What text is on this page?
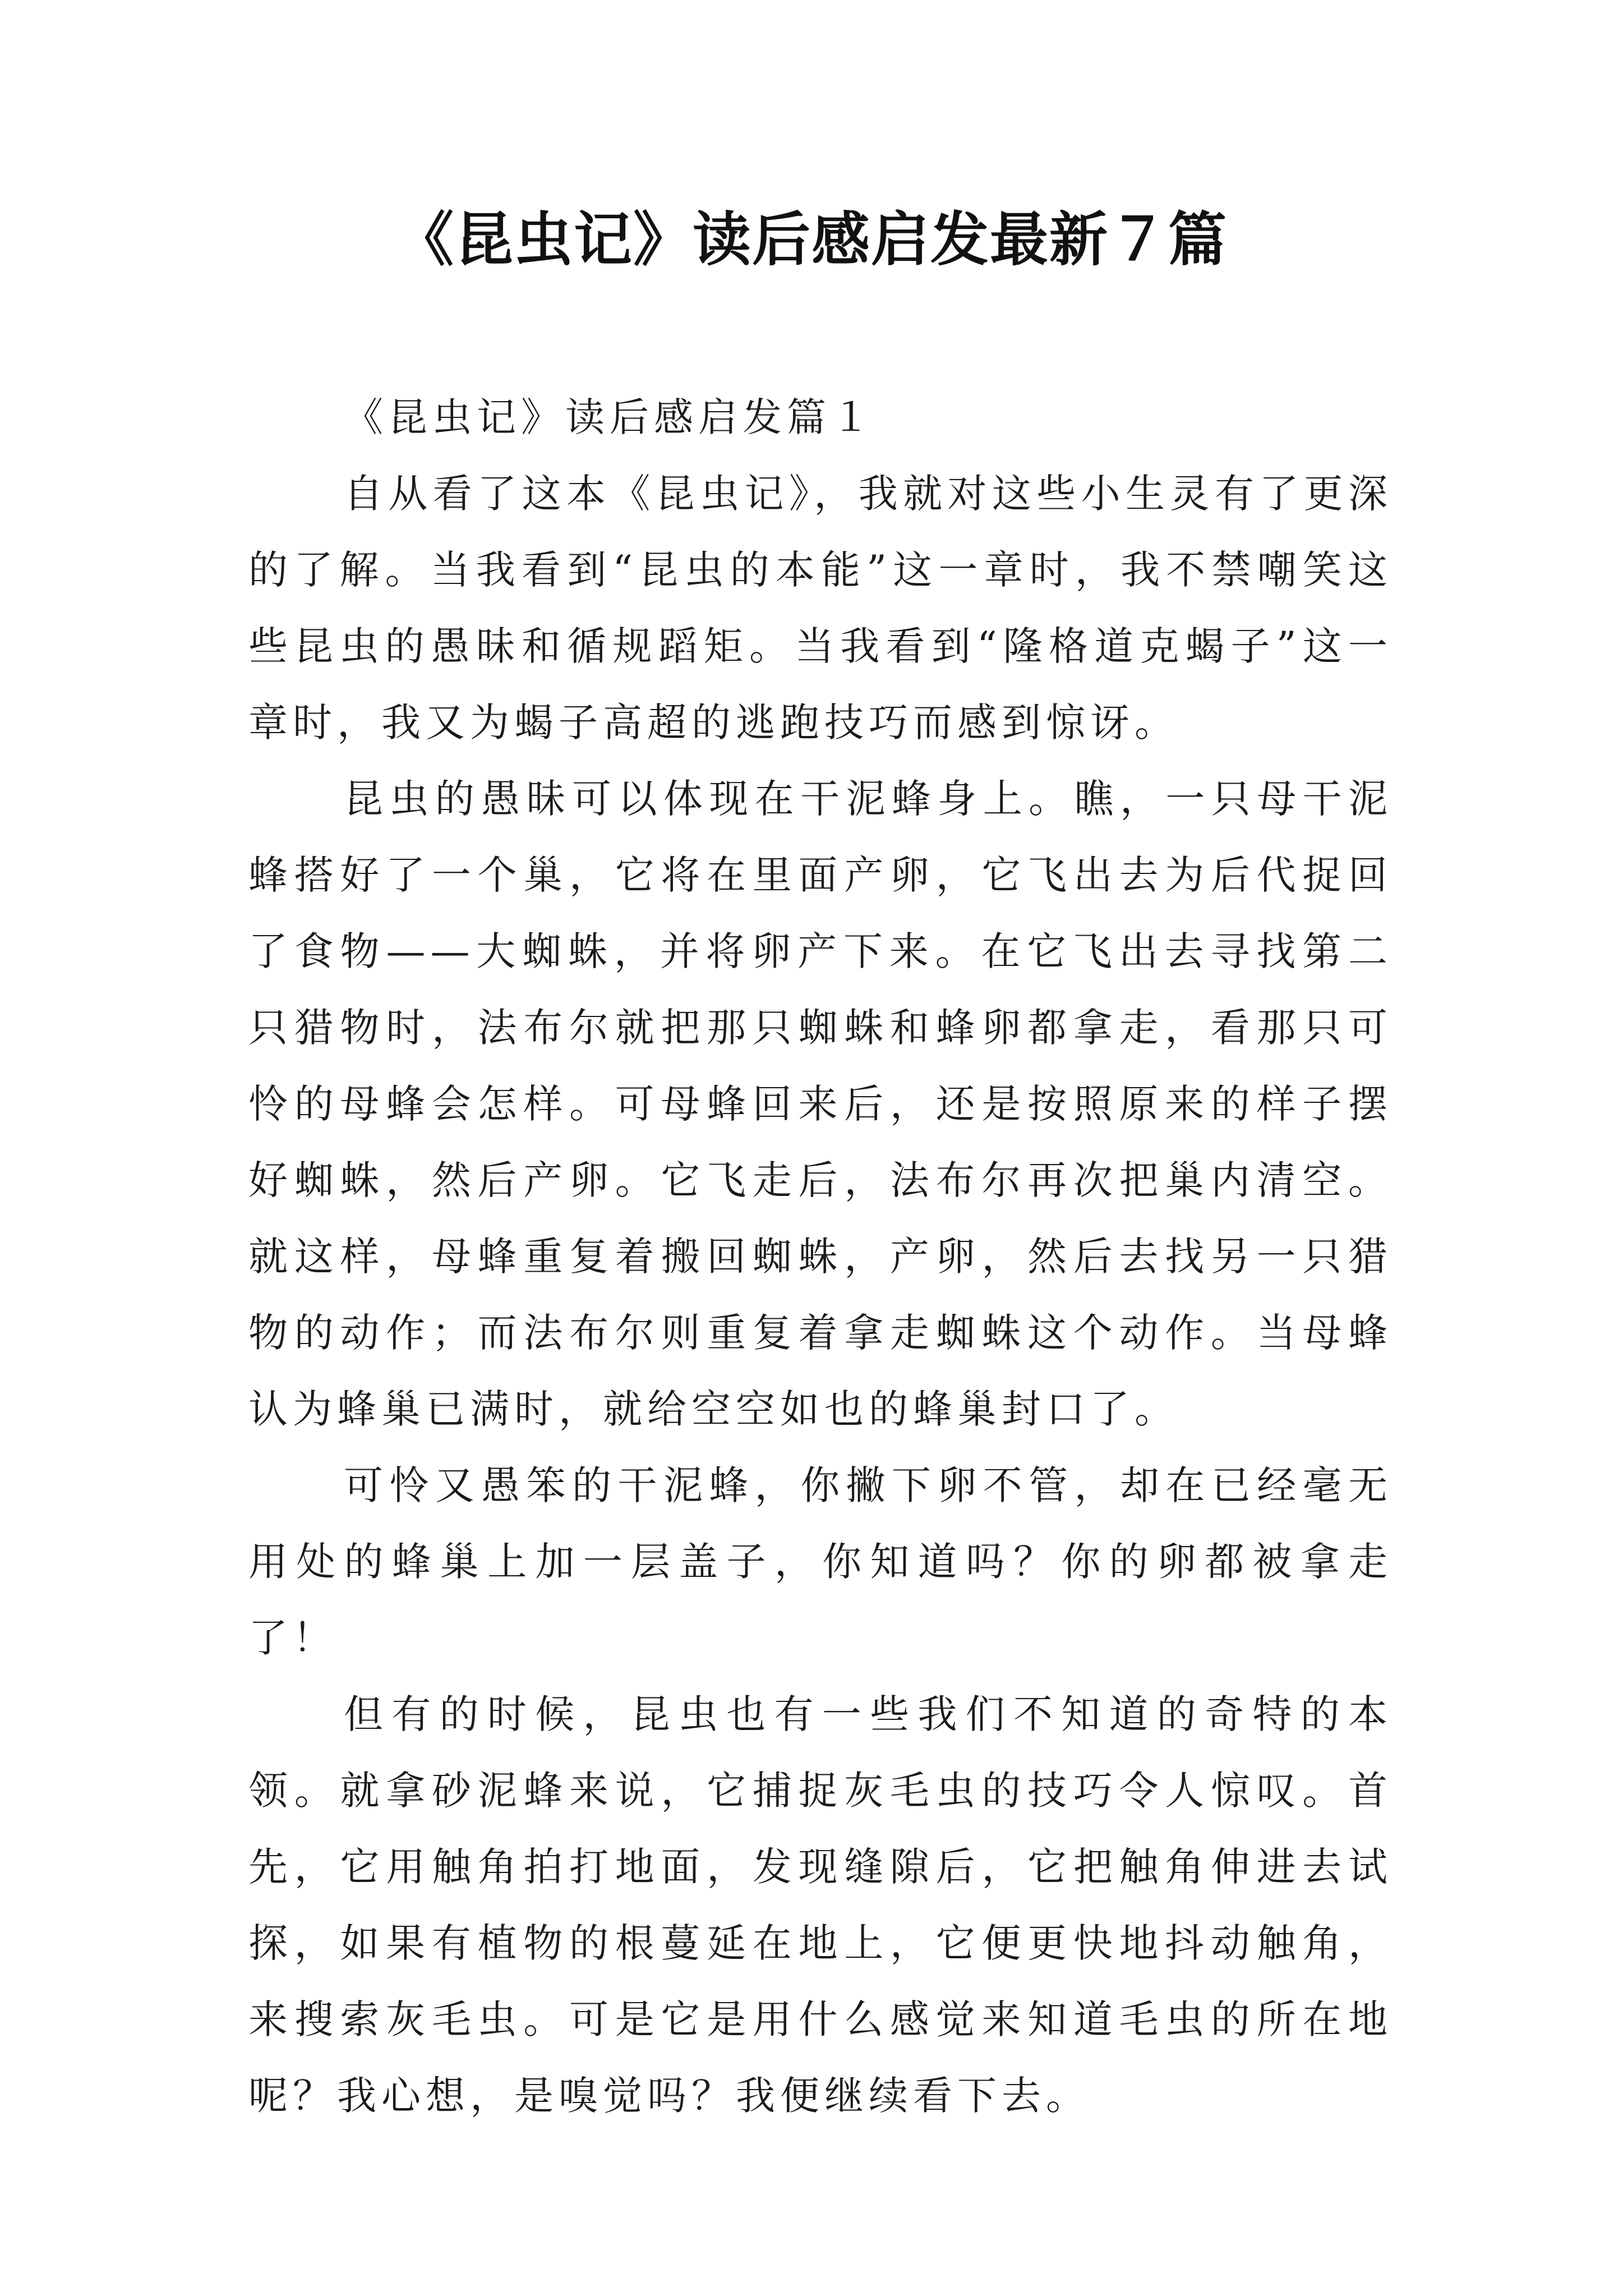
《昆虫记》读后感启发最新７篇

《昆虫记》读后感启发篇１

自从看了这本《昆虫记》，我就对这些小生灵有了更深的了解。当我看到“昆虫的本能”这一章时，我不禁嘲笑这些昆虫的愚昧和循规蹈矩。当我看到“隆格道克蝎子”这一章时，我又为蝎子高超的逃跑技巧而感到惊讶。

昆虫的愚昧可以体现在干泥蜂身上。瞧，一只母干泥蜂搭好了一个巢，它将在里面产卵，它飞出去为后代捉回了食物——大蜘蛛，并将卵产下来。在它飞出去寻找第二只猎物时，法布尔就把那只蜘蛛和蜂卵都拿走，看那只可怜的母蜂会怎样。可母蜂回来后，还是按照原来的样子摆好蜘蛛，然后产卵。它飞走后，法布尔再次把巢内清空。就这样，母蜂重复着搬回蜘蛛，产卵，然后去找另一只猎物的动作；而法布尔则重复着拿走蜘蛛这个动作。当母蜂认为蜂巢已满时，就给空空如也的蜂巢封口了。

可怜又愚笨的干泥蜂，你撇下卵不管，却在已经毫无用处的蜂巢上加一层盖子，你知道吗？你的卵都被拿走了！

但有的时候，昆虫也有一些我们不知道的奇特的本领。就拿砂泥蜂来说，它捕捉灰毛虫的技巧令人惊叹。首先，它用触角拍打地面，发现缝隙后，它把触角伸进去试探，如果有植物的根蔓延在地上，它便更快地抖动触角，来搜索灰毛虫。可是它是用什么感觉来知道毛虫的所在地呢？我心想，是嗅觉吗？我便继续看下去。
